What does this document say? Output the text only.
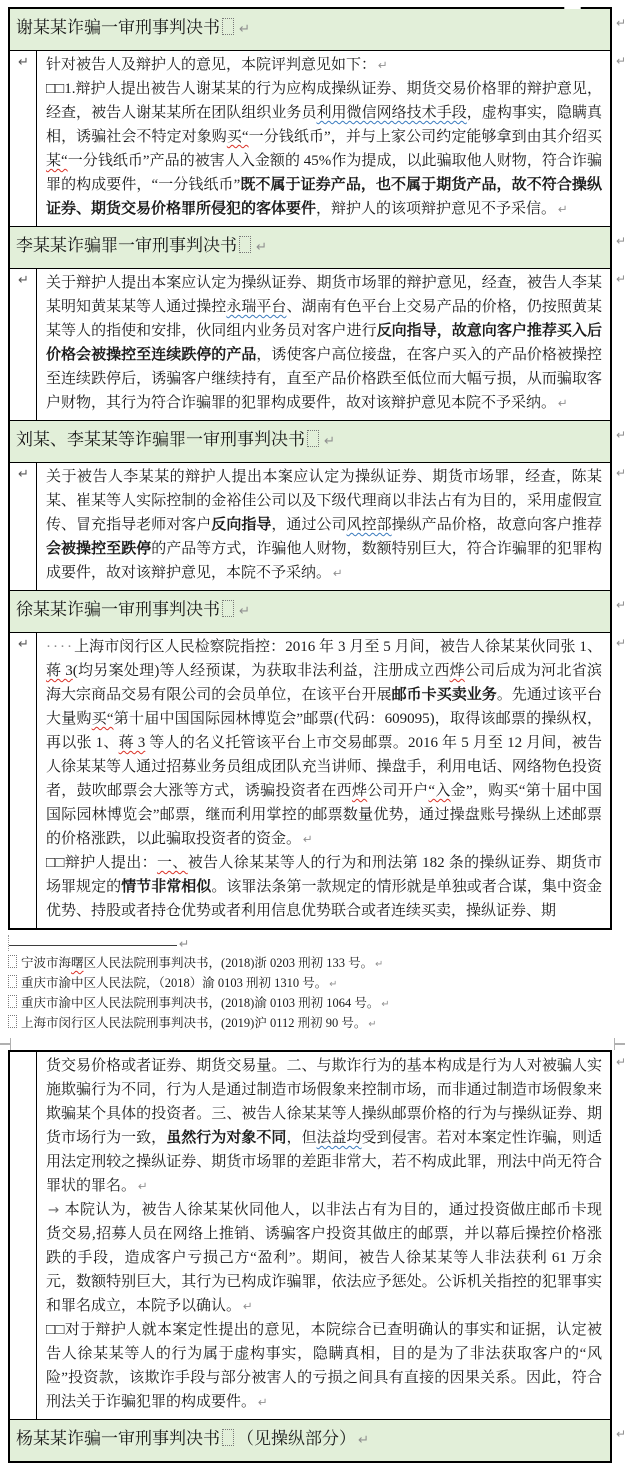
谢某某诈骗一审刑事判决书 ↵	↵
↵	针对被告人及辩护人的意见，本院评判意见如下： ↵

□□1.辩护人提出被告人谢某某的行为应构成操纵证券、期货交易价格罪的辩护意见，经查，被告人谢某某所在团队组织业务员利用微信网络技术手段，虚构事实，隐瞒真相，诱骗社会不特定对象购买“一分钱纸币”，并与上家公司约定能够拿到由其介绍买某“一分钱纸币”产品的被害人入金额的 45%作为提成，以此骗取他人财物，符合诈骗罪的构成要件，“一分钱纸币”既不属于证券产品，也不属于期货产品，故不符合操纵证券、期货交易价格罪所侵犯的客体要件，辩护人的该项辩护意见不予采信。 ↵

↵
李某某诈骗罪一审刑事判决书 ↵	↵
↵	关于辩护人提出本案应认定为操纵证券、期货市场罪的辩护意见，经查，被告人李某某明知黄某某等人通过操控永瑞平台、湖南有色平台上交易产品的价格，仍按照黄某某等人的指使和安排，伙同组内业务员对客户进行反向指导，故意向客户推荐买入后价格会被操控至连续跌停的产品，诱使客户高位接盘，在客户买入的产品价格被操控至连续跌停后，诱骗客户继续持有，直至产品价格跌至低位而大幅亏损，从而骗取客户财物，其行为符合诈骗罪的犯罪构成要件，故对该辩护意见本院不予采纳。 ↵

↵
刘某、李某某等诈骗罪一审刑事判决书 ↵	↵
↵	关于被告人李某某的辩护人提出本案应认定为操纵证券、期货市场罪，经查，陈某某、崔某等人实际控制的金裕佳公司以及下级代理商以非法占有为目的，采用虚假宣传、冒充指导老师对客户反向指导，通过公司风控部操纵产品价格，故意向客户推荐会被操控至跌停的产品等方式，诈骗他人财物，数额特别巨大，符合诈骗罪的犯罪构成要件，故对该辩护意见，本院不予采纳。 ↵

↵
徐某某诈骗一审刑事判决书 ↵	↵
↵	····上海市闵行区人民检察院指控：2016 年 3 月至 5 月间，被告人徐某某伙同张 1、蒋 3(均另案处理)等人经预谋，为获取非法利益，注册成立西烨公司后成为河北省滨海大宗商品交易有限公司的会员单位，在该平台开展邮币卡买卖业务。先通过该平台大量购买“第十届中国国际园林博览会”邮票(代码：609095)，取得该邮票的操纵权，再以张 1、蒋 3 等人的名义托管该平台上市交易邮票。2016 年 5 月至 12 月间，被告人徐某某等人通过招募业务员组成团队充当讲师、操盘手，利用电话、网络物色投资者，鼓吹邮票会大涨等方式，诱骗投资者在西烨公司开户“入金”，购买“第十届中国国际园林博览会”邮票，继而利用掌控的邮票数量优势，通过操盘账号操纵上述邮票的价格涨跌，以此骗取投资者的资金。 ↵

□□辩护人提出：一、被告人徐某某等人的行为和刑法第 182 条的操纵证券、期货市场罪规定的情节非常相似。该罪法条第一款规定的情形就是单独或者合谋，集中资金优势、持股或者持仓优势或者利用信息优势联合或者连续买卖，操纵证券、期

↵
↵
宁波市海曙区人民法院刑事判决书，(2018)浙 0203 刑初 133 号。 ↵
重庆市渝中区人民法院，（2018）渝 0103 刑初 1310 号。 ↵
重庆市渝中区人民法院刑事判决书，(2018)渝 0103 刑初 1064 号。 ↵
上海市闵行区人民法院刑事判决书，(2019)沪 0112 刑初 90 号。 ↵

货交易价格或者证券、期货交易量。二、与欺诈行为的基本构成是行为人对被骗人实施欺骗行为不同，行为人是通过制造市场假象来控制市场，而非通过制造市场假象来欺骗某个具体的投资者。三、被告人徐某某等人操纵邮票价格的行为与操纵证券、期货市场行为一致，虽然行为对象不同，但法益均受到侵害。若对本案定性诈骗，则适用法定刑较之操纵证券、期货市场罪的差距非常大，若不构成此罪，刑法中尚无符合罪状的罪名。 ↵

→ 本院认为，被告人徐某某伙同他人，以非法占有为目的，通过投资做庄邮币卡现货交易,招募人员在网络上推销、诱骗客户投资其做庄的邮票，并以幕后操控价格涨跌的手段，造成客户亏损己方“盈利”。期间，被告人徐某某等人非法获利 61 万余元，数额特别巨大，其行为已构成诈骗罪，依法应予惩处。公诉机关指控的犯罪事实和罪名成立，本院予以确认。 ↵

□□对于辩护人就本案定性提出的意见，本院综合已查明确认的事实和证据，认定被告人徐某某等人的行为属于虚构事实，隐瞒真相，目的是为了非法获取客户的“风险”投资款，该欺诈手段与部分被害人的亏损之间具有直接的因果关系。因此，符合刑法关于诈骗犯罪的构成要件。 ↵

↵
杨某某诈骗一审刑事判决书 （见操纵部分） ↵	↵
